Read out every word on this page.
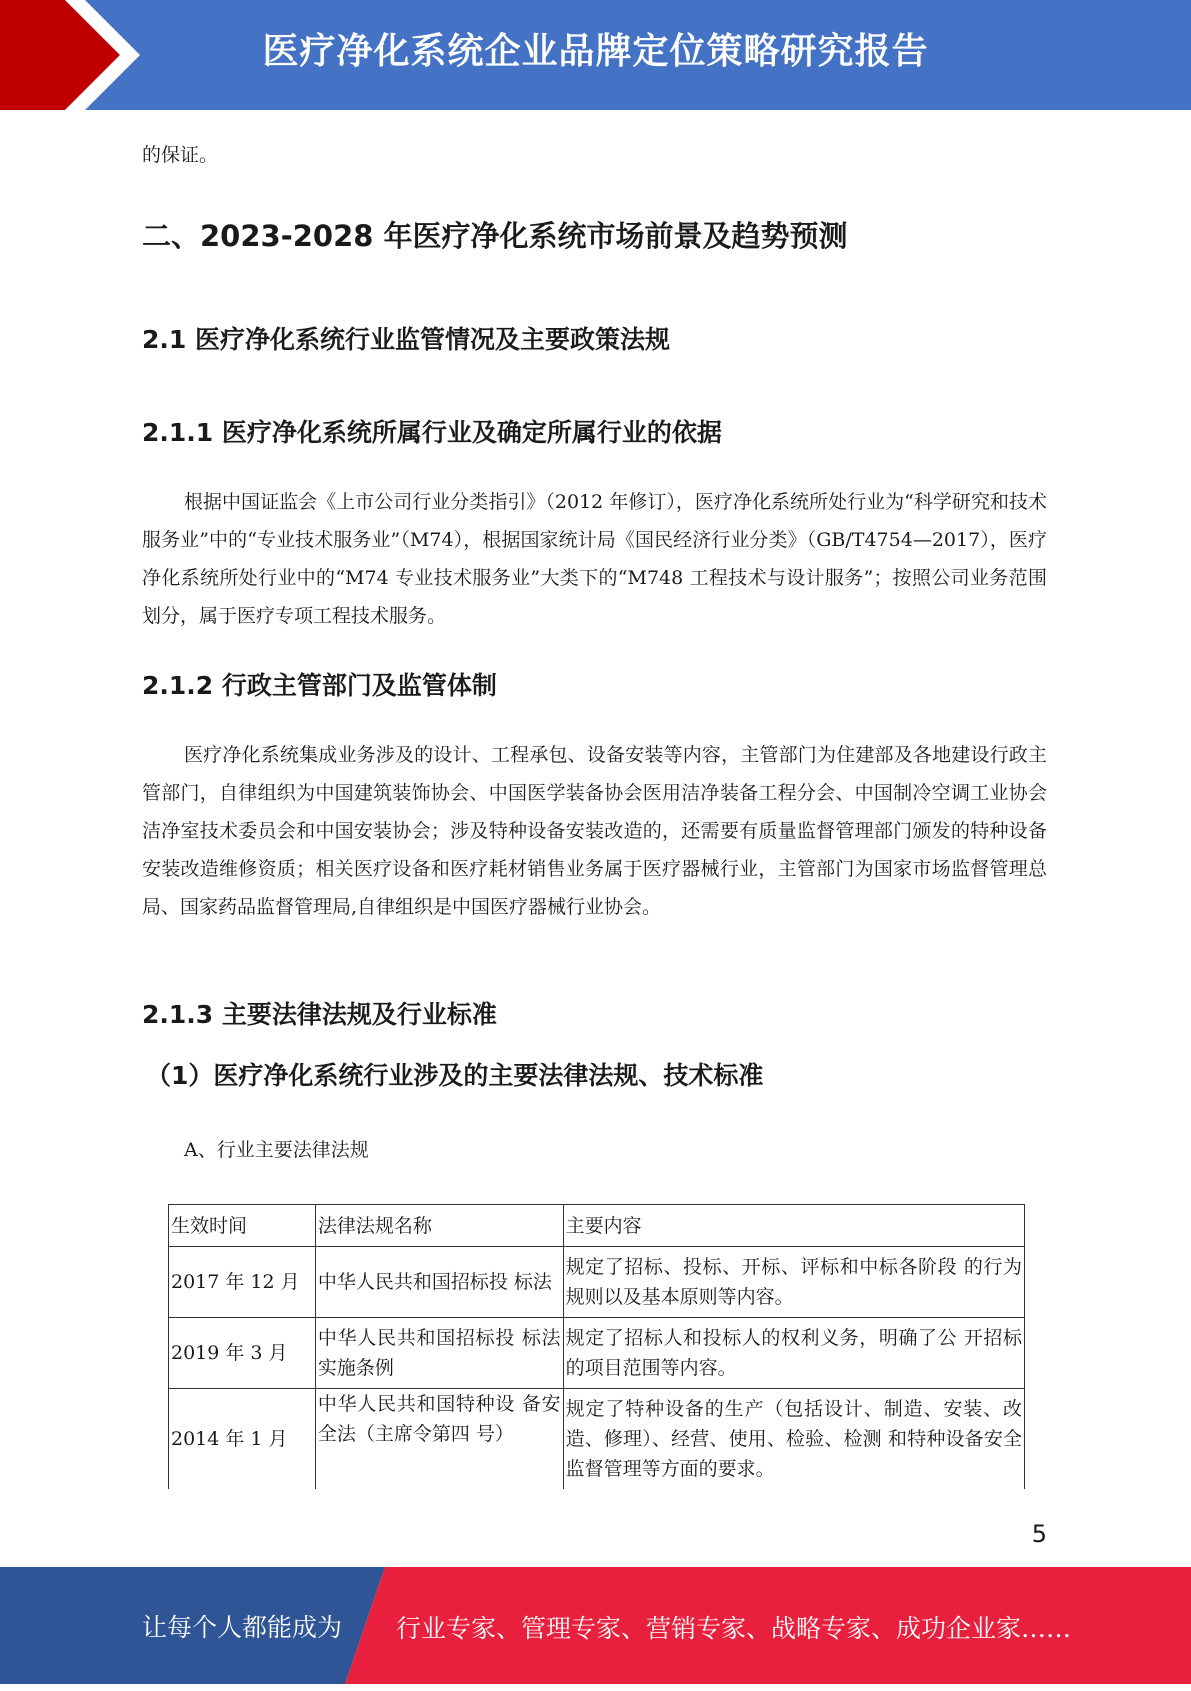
医疗净化系统企业品牌定位策略研究报告

的保证。

二、2023-2028 年医疗净化系统市场前景及趋势预测
2.1 医疗净化系统行业监管情况及主要政策法规
2.1.1 医疗净化系统所属行业及确定所属行业的依据

根据中国证监会《上市公司行业分类指引》（2012 年修订），医疗净化系统所处行业为“科学研究和技术服务业”中的“专业技术服务业”（M74），根据国家统计局《国民经济行业分类》（GB/T4754—2017），医疗净化系统所处行业中的“M74 专业技术服务业”大类下的“M748 工程技术与设计服务”；按照公司业务范围划分，属于医疗专项工程技术服务。

2.1.2 行政主管部门及监管体制

医疗净化系统集成业务涉及的设计、工程承包、设备安装等内容，主管部门为住建部及各地建设行政主管部门，自律组织为中国建筑装饰协会、中国医学装备协会医用洁净装备工程分会、中国制冷空调工业协会洁净室技术委员会和中国安装协会；涉及特种设备安装改造的，还需要有质量监督管理部门颁发的特种设备安装改造维修资质；相关医疗设备和医疗耗材销售业务属于医疗器械行业，主管部门为国家市场监督管理总局、国家药品监督管理局,自律组织是中国医疗器械行业协会。

2.1.3 主要法律法规及行业标准
（1）医疗净化系统行业涉及的主要法律法规、技术标准

A、行业主要法律法规

生效时间	法律法规名称	主要内容
2017 年 12 月	中华人民共和国招标投 标法	规定了招标、投标、开标、评标和中标各阶段 的行为规则以及基本原则等内容。
2019 年 3 月	中华人民共和国招标投 标法实施条例	规定了招标人和投标人的权利义务，明确了公 开招标的项目范围等内容。
2014 年 1 月	中华人民共和国特种设 备安全法（主席令第四 号）	规定了特种设备的生产（包括设计、制造、安装、改造、修理）、经营、使用、检验、检测 和特种设备安全监督管理等方面的要求。
5
让每个人都能成为 行业专家、管理专家、营销专家、战略专家、成功企业家……
